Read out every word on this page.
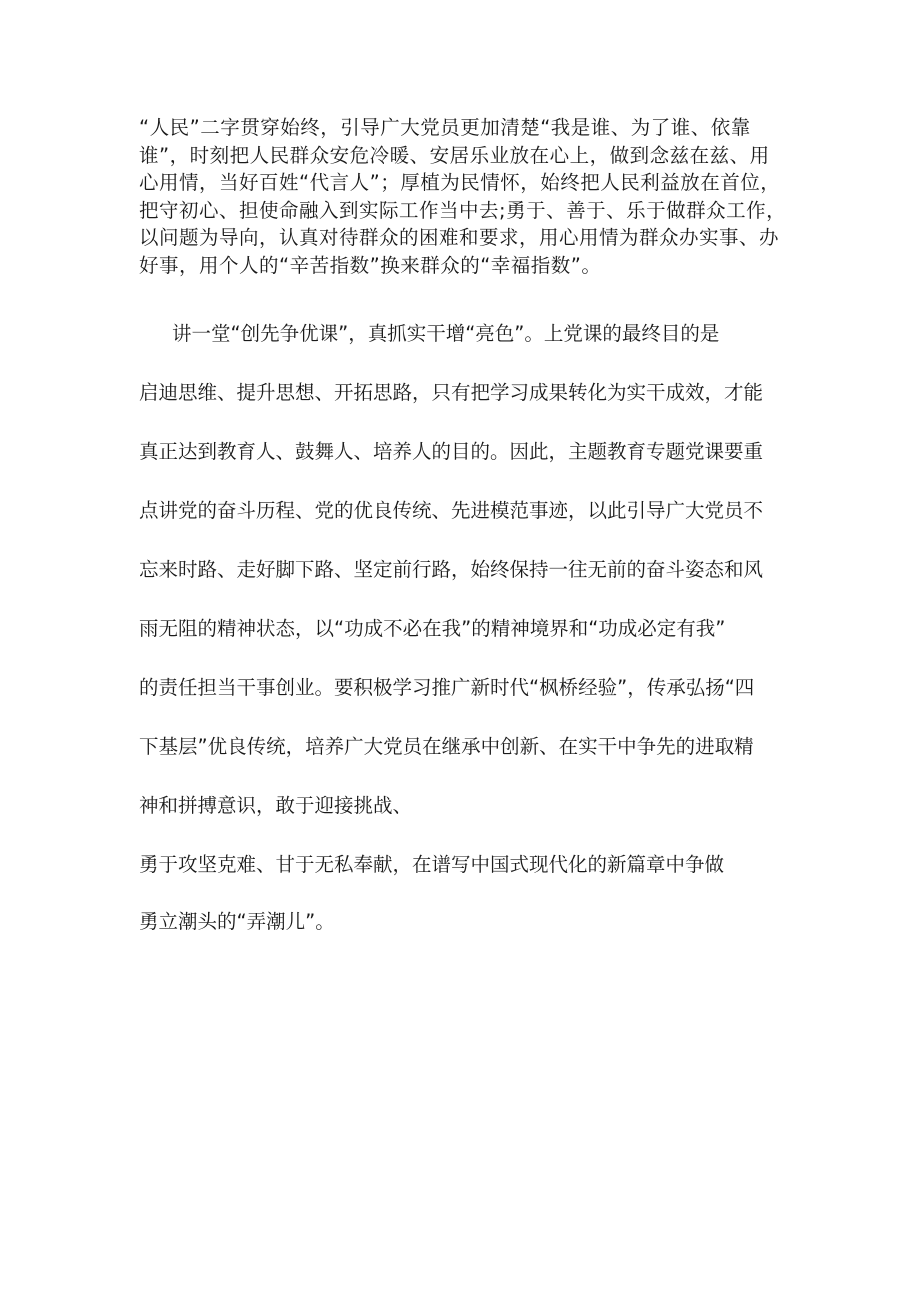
“人民”二字贯穿始终，引导广大党员更加清楚“我是谁、为了谁、依靠
谁”，时刻把人民群众安危冷暖、安居乐业放在心上，做到念兹在兹、用
心用情，当好百姓“代言人”；厚植为民情怀，始终把人民利益放在首位，
把守初心、担使命融入到实际工作当中去;勇于、善于、乐于做群众工作，
以问题为导向，认真对待群众的困难和要求，用心用情为群众办实事、办
好事，用个人的“辛苦指数”换来群众的“幸福指数”。
讲一堂“创先争优课”，真抓实干增“亮色”。上党课的最终目的是
启迪思维、提升思想、开拓思路，只有把学习成果转化为实干成效，才能
真正达到教育人、鼓舞人、培养人的目的。因此，主题教育专题党课要重
点讲党的奋斗历程、党的优良传统、先进模范事迹，以此引导广大党员不
忘来时路、走好脚下路、坚定前行路，始终保持一往无前的奋斗姿态和风
雨无阻的精神状态，以“功成不必在我”的精神境界和“功成必定有我”
的责任担当干事创业。要积极学习推广新时代“枫桥经验”，传承弘扬“四
下基层”优良传统，培养广大党员在继承中创新、在实干中争先的进取精
神和拼搏意识，敢于迎接挑战、
勇于攻坚克难、甘于无私奉献，在谱写中国式现代化的新篇章中争做
勇立潮头的“弄潮儿”。
